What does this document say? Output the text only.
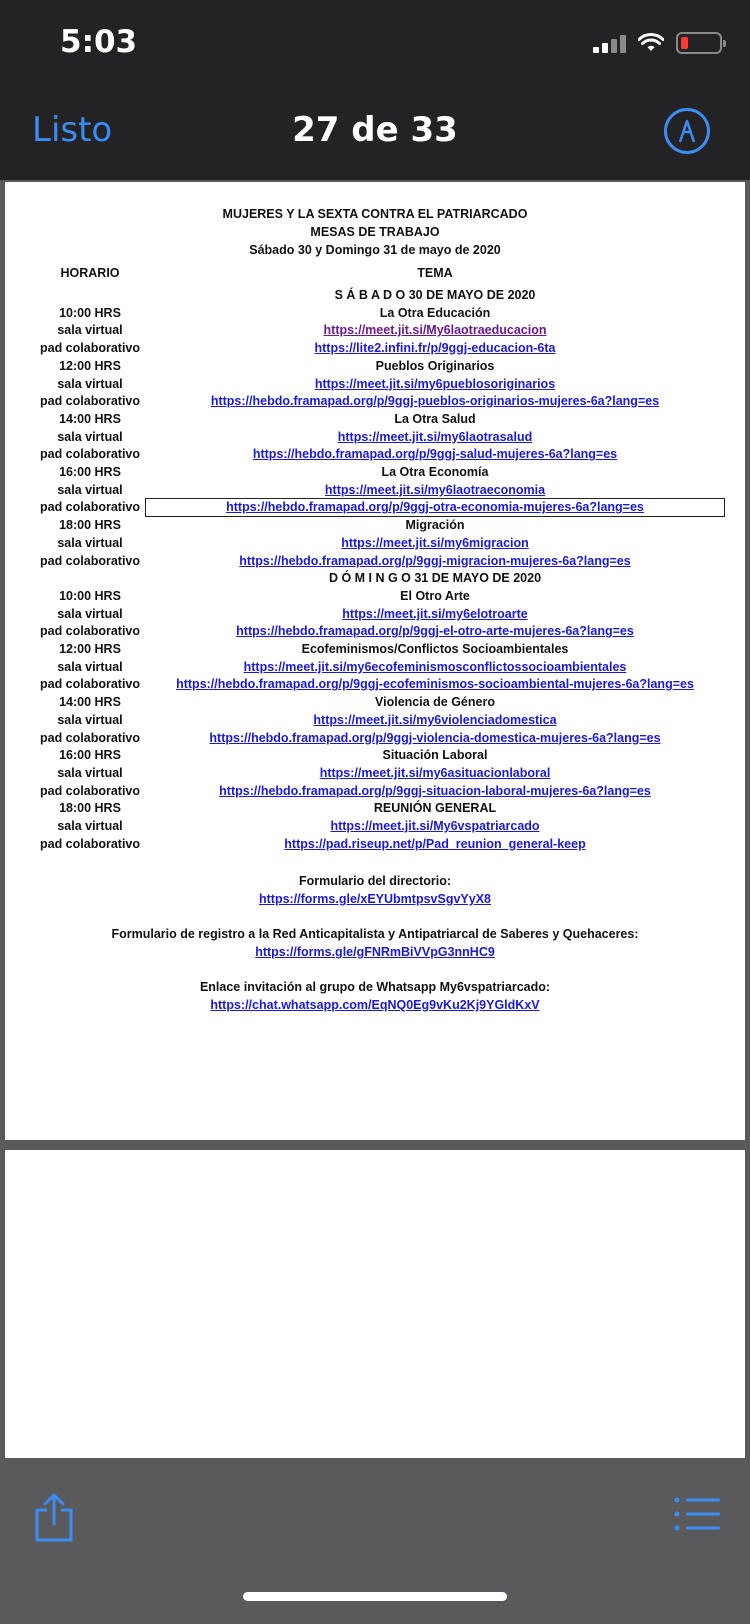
5:03
27 de 33
Listo
MUJERES Y LA SEXTA CONTRA EL PATRIARCADO
MESAS DE TRABAJO
Sábado 30 y Domingo 31 de mayo de 2020
HORARIO	TEMA
S Á B A D O 30 DE MAYO DE 2020
10:00 HRS	La Otra Educación
sala virtual	https://meet.jit.si/My6laotraeducacion
pad colaborativo	https://lite2.infini.fr/p/9ggj-educacion-6ta
12:00 HRS	Pueblos Originarios
sala virtual	https://meet.jit.si/my6pueblosoriginarios
pad colaborativo	https://hebdo.framapad.org/p/9ggj-pueblos-originarios-mujeres-6a?lang=es
14:00 HRS	La Otra Salud
sala virtual	https://meet.jit.si/my6laotrasalud
pad colaborativo	https://hebdo.framapad.org/p/9ggj-salud-mujeres-6a?lang=es
16:00 HRS	La Otra Economía
sala virtual	https://meet.jit.si/my6laotraeconomia
pad colaborativo	https://hebdo.framapad.org/p/9ggj-otra-economia-mujeres-6a?lang=es
18:00 HRS	Migración
sala virtual	https://meet.jit.si/my6migracion
pad colaborativo	https://hebdo.framapad.org/p/9ggj-migracion-mujeres-6a?lang=es
D Ó M I N G O 31 DE MAYO DE 2020
10:00 HRS	El Otro Arte
sala virtual	https://meet.jit.si/my6elotroarte
pad colaborativo	https://hebdo.framapad.org/p/9ggj-el-otro-arte-mujeres-6a?lang=es
12:00 HRS	Ecofeminismos/Conflictos Socioambientales
sala virtual	https://meet.jit.si/my6ecofeminismosconflictossocioambientales
pad colaborativo	https://hebdo.framapad.org/p/9ggj-ecofeminismos-socioambiental-mujeres-6a?lang=es
14:00 HRS	Violencia de Género
sala virtual	https://meet.jit.si/my6violenciadomestica
pad colaborativo	https://hebdo.framapad.org/p/9ggj-violencia-domestica-mujeres-6a?lang=es
16:00 HRS	Situación Laboral
sala virtual	https://meet.jit.si/my6asituacionlaboral
pad colaborativo	https://hebdo.framapad.org/p/9ggj-situacion-laboral-mujeres-6a?lang=es
18:00 HRS	REUNIÓN GENERAL
sala virtual	https://meet.jit.si/My6vspatriarcado
pad colaborativo	https://pad.riseup.net/p/Pad_reunion_general-keep
Formulario del directorio:
https://forms.gle/xEYUbmtpsvSgvYyX8
Formulario de registro a la Red Anticapitalista y Antipatriarcal de Saberes y Quehaceres:
https://forms.gle/gFNRmBiVVpG3nnHC9
Enlace invitación al grupo de Whatsapp My6vspatriarcado:
https://chat.whatsapp.com/EqNQ0Eg9vKu2Kj9YGldKxV
